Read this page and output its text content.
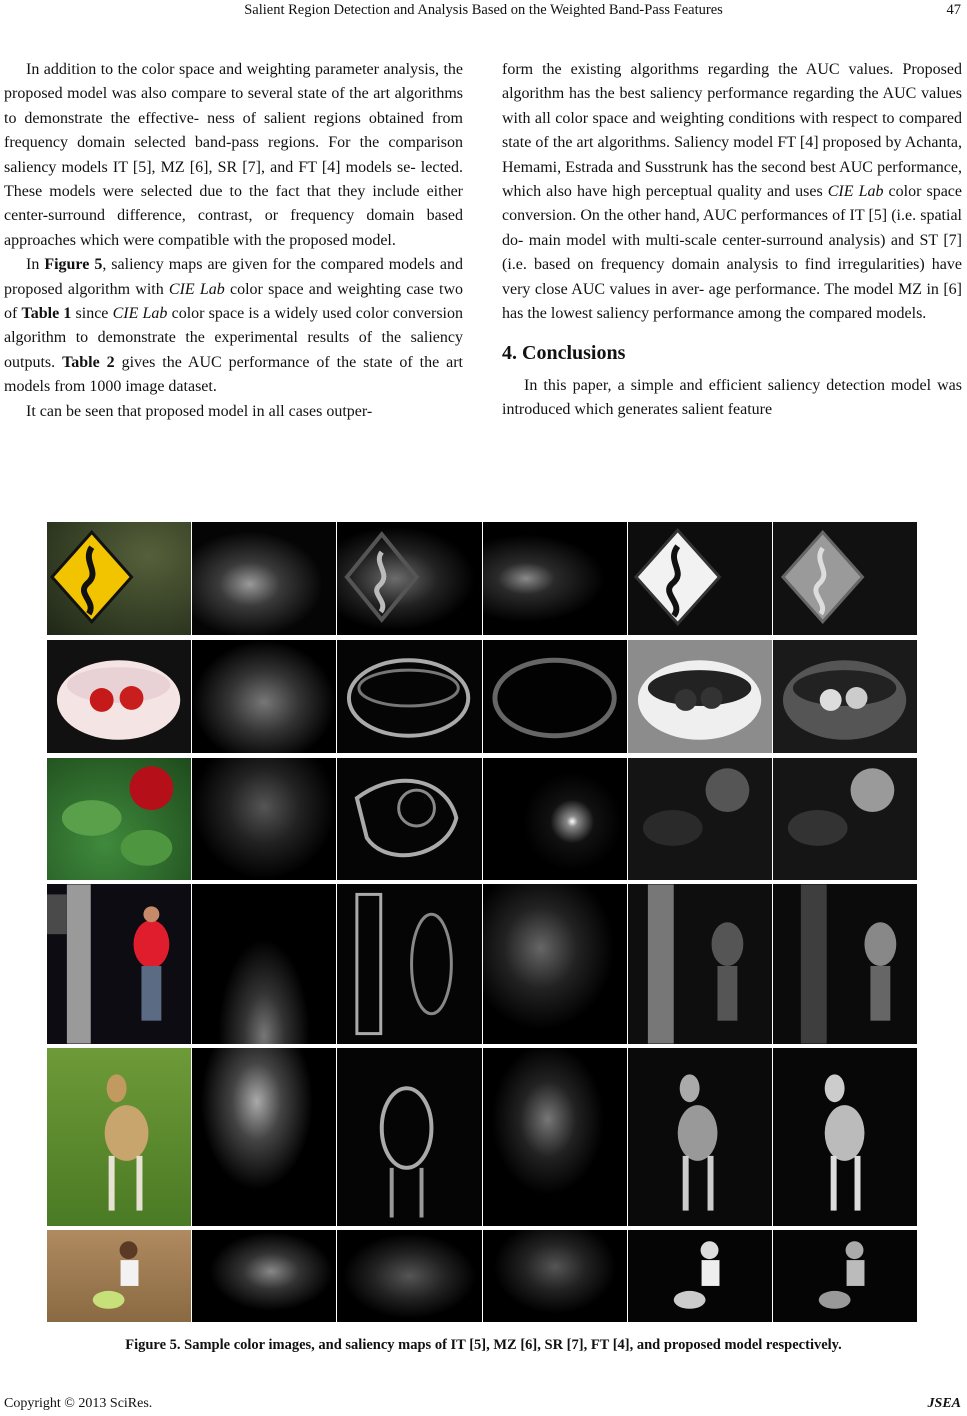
Salient Region Detection and Analysis Based on the Weighted Band-Pass Features	47

In addition to the color space and weighting parameter analysis, the proposed model was also compare to several state of the art algorithms to demonstrate the effective- ness of salient regions obtained from frequency domain selected band-pass regions. For the comparison saliency models IT [5], MZ [6], SR [7], and FT [4] models se- lected. These models were selected due to the fact that they include either center-surround difference, contrast, or frequency domain based approaches which were compatible with the proposed model.

In Figure 5, saliency maps are given for the compared models and proposed algorithm with CIE Lab color space and weighting case two of Table 1 since CIE Lab color space is a widely used color conversion algorithm to demonstrate the experimental results of the saliency outputs. Table 2 gives the AUC performance of the state of the art models from 1000 image dataset.

It can be seen that proposed model in all cases outper-

form the existing algorithms regarding the AUC values. Proposed algorithm has the best saliency performance regarding the AUC values with all color space and weighting conditions with respect to compared state of the art algorithms. Saliency model FT [4] proposed by Achanta, Hemami, Estrada and Susstrunk has the second best AUC performance, which also have high perceptual quality and uses CIE Lab color space conversion. On the other hand, AUC performances of IT [5] (i.e. spatial do- main model with multi-scale center-surround analysis) and ST [7] (i.e. based on frequency domain analysis to find irregularities) have very close AUC values in aver- age performance. The model MZ in [6] has the lowest saliency performance among the compared models.

4. Conclusions

In this paper, a simple and efficient saliency detection model was introduced which generates salient feature

Figure 5. Sample color images, and saliency maps of IT [5], MZ [6], SR [7], FT [4], and proposed model respectively.
Copyright © 2013 SciRes.	JSEA
